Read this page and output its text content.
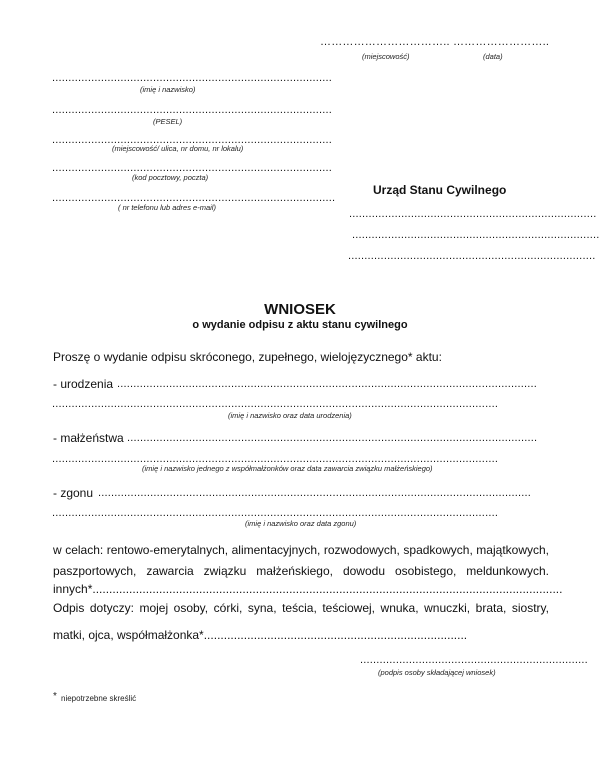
…………………………….. ……………………..
(miejscowość)	(data)
......................................................................................
(imię i nazwisko)
......................................................................................
(PESEL)
......................................................................................
(miejscowość/ ulica, nr domu, nr lokalu)
......................................................................................
(kod pocztowy, poczta)
.......................................................................................
( nr telefonu lub adres e-mail)
Urząd Stanu Cywilnego
............................................................................
............................................................................
............................................................................
WNIOSEK
o wydanie odpisu z aktu stanu cywilnego
Proszę o wydanie odpisu skróconego, zupełnego, wielojęzycznego* aktu:
- urodzenia .................................................................................................................................
.........................................................................................................................................
(imię i nazwisko oraz data urodzenia)
- małżeństwa ..............................................................................................................................
.........................................................................................................................................
(imię i nazwisko jednego z współmałżonków oraz data zawarcia związku małżeńskiego)
- zgonu .....................................................................................................................................
.........................................................................................................................................
(imię i nazwisko oraz data zgonu)
w celach: rentowo-emerytalnych, alimentacyjnych, rozwodowych, spadkowych, majątkowych,
paszportowych, zawarcia związku małżeńskiego, dowodu osobistego, meldunkowych.
innych*.............................................................................................................................................
Odpis dotyczy: mojej osoby, córki, syna, teścia, teściowej, wnuka, wnuczki, brata, siostry,
matki, ojca, współmałżonka*...............................................................................
......................................................................
(podpis osoby składającej wniosek)
* niepotrzebne skreślić
